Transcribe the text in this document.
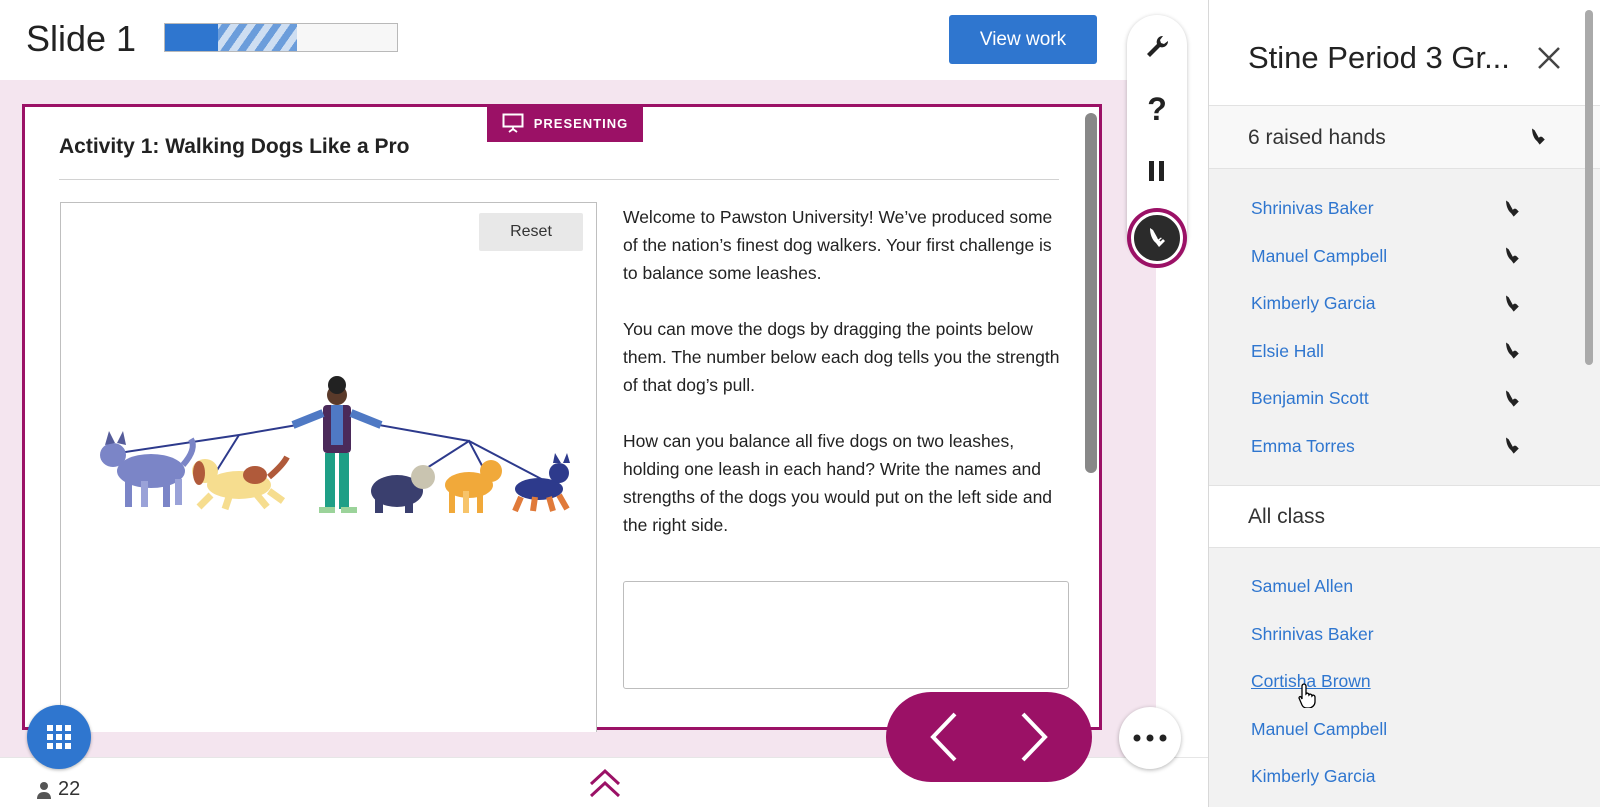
Slide 1	View work
PRESENTING
Activity 1: Walking Dogs Like a Pro
Reset

Welcome to Pawston University! We’ve produced some of the nation’s finest dog walkers. Your first challenge is to balance some leashes.

You can move the dogs by dragging the points below them. The number below each dog tells you the strength of that dog’s pull.

How can you balance all five dogs on two leashes, holding one leash in each hand? Write the names and strengths of the dogs you would put on the left side and the right side.

?
22
Stine Period 3 Gr...
6 raised hands
Shrinivas Baker
Manuel Campbell
Kimberly Garcia
Elsie Hall
Benjamin Scott
Emma Torres
All class
Samuel Allen
Shrinivas Baker
Cortisha Brown
Manuel Campbell
Kimberly Garcia
